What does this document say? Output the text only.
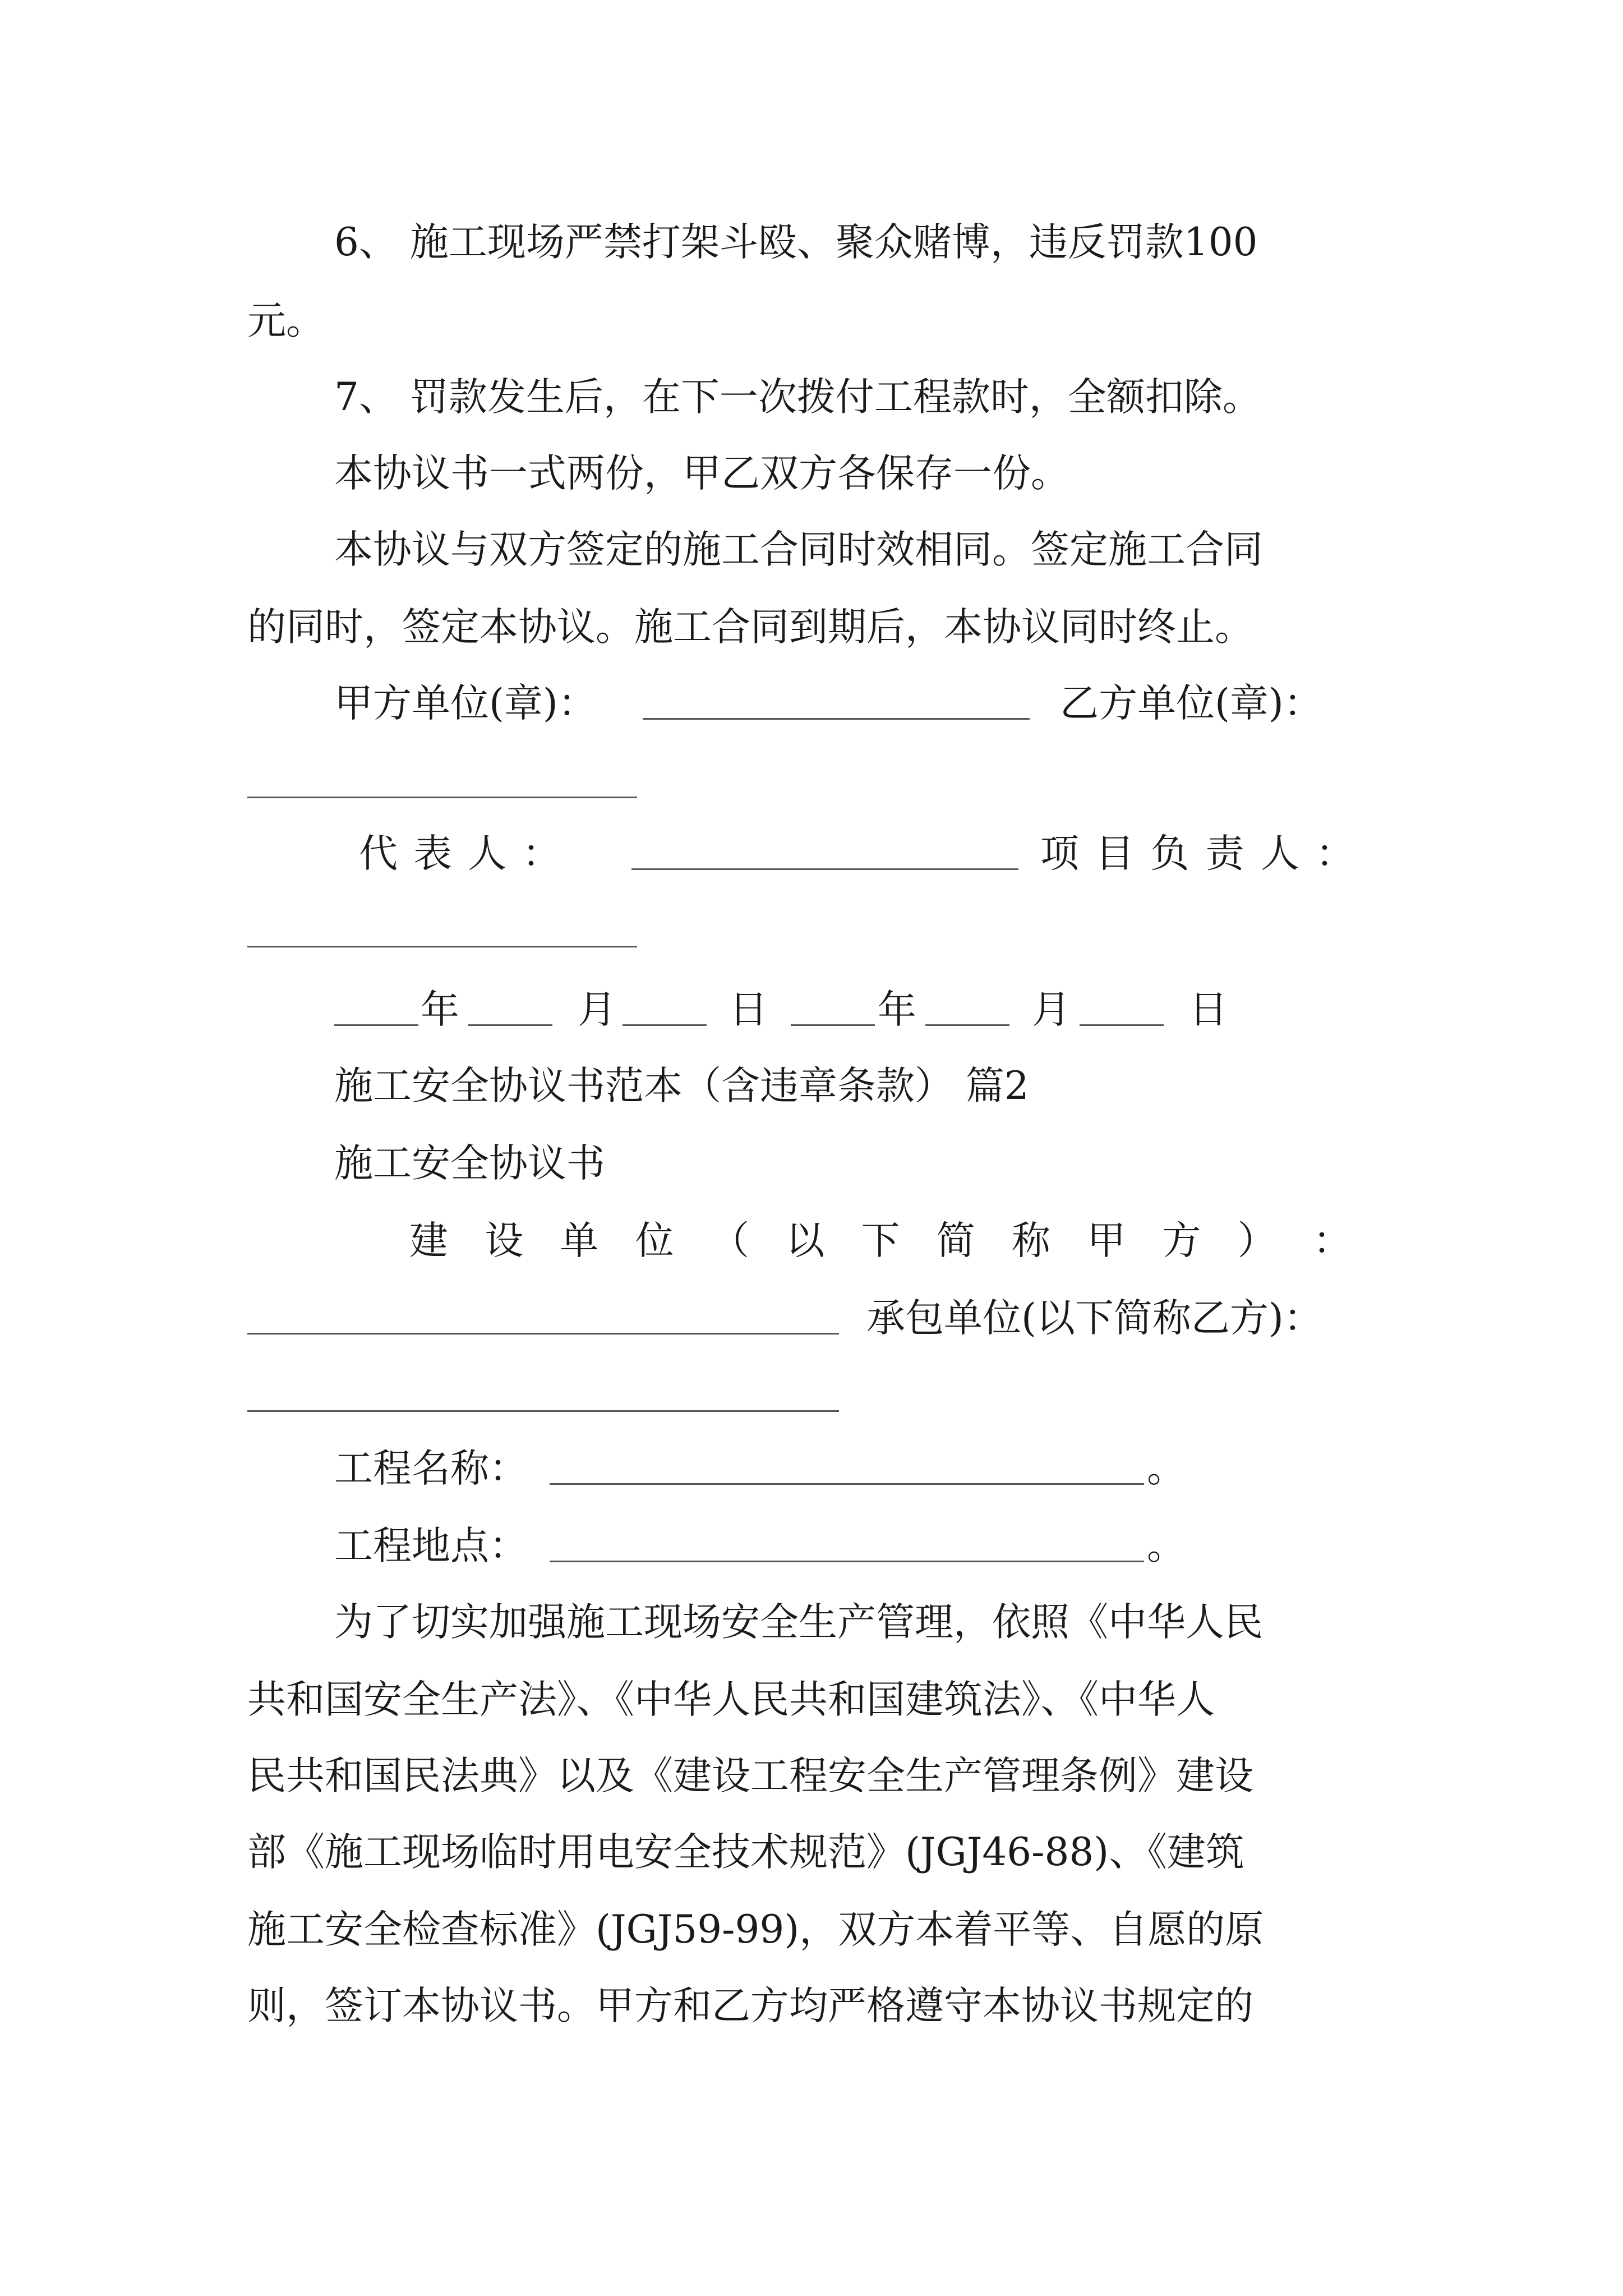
6、 施工现场严禁打架斗殴、聚众赌博，违反罚款100
元。
7、 罚款发生后，在下一次拨付工程款时，全额扣除。
本协议书一式两份，甲乙双方各保存一份。
本协议与双方签定的施工合同时效相同。签定施工合同
的同时，签定本协议。施工合同到期后，本协议同时终止。
甲方单位(章)：	乙方单位(章)：
代 表 人 ：	项 目 负 责 人 ：
年	月	日	年	月	日
施工安全协议书范本（含违章条款） 篇2
施工安全协议书
建 设 单 位 （ 以 下 简 称 甲 方 ） ：
承包单位(以下简称乙方)：
工程名称：	。
工程地点：	。
为了切实加强施工现场安全生产管理，依照《中华人民
共和国安全生产法》、《中华人民共和国建筑法》、《中华人
民共和国民法典》以及《建设工程安全生产管理条例》建设
部《施工现场临时用电安全技术规范》(JGJ46-88)、《建筑
施工安全检查标准》(JGJ59-99)，双方本着平等、自愿的原
则，签订本协议书。甲方和乙方均严格遵守本协议书规定的
